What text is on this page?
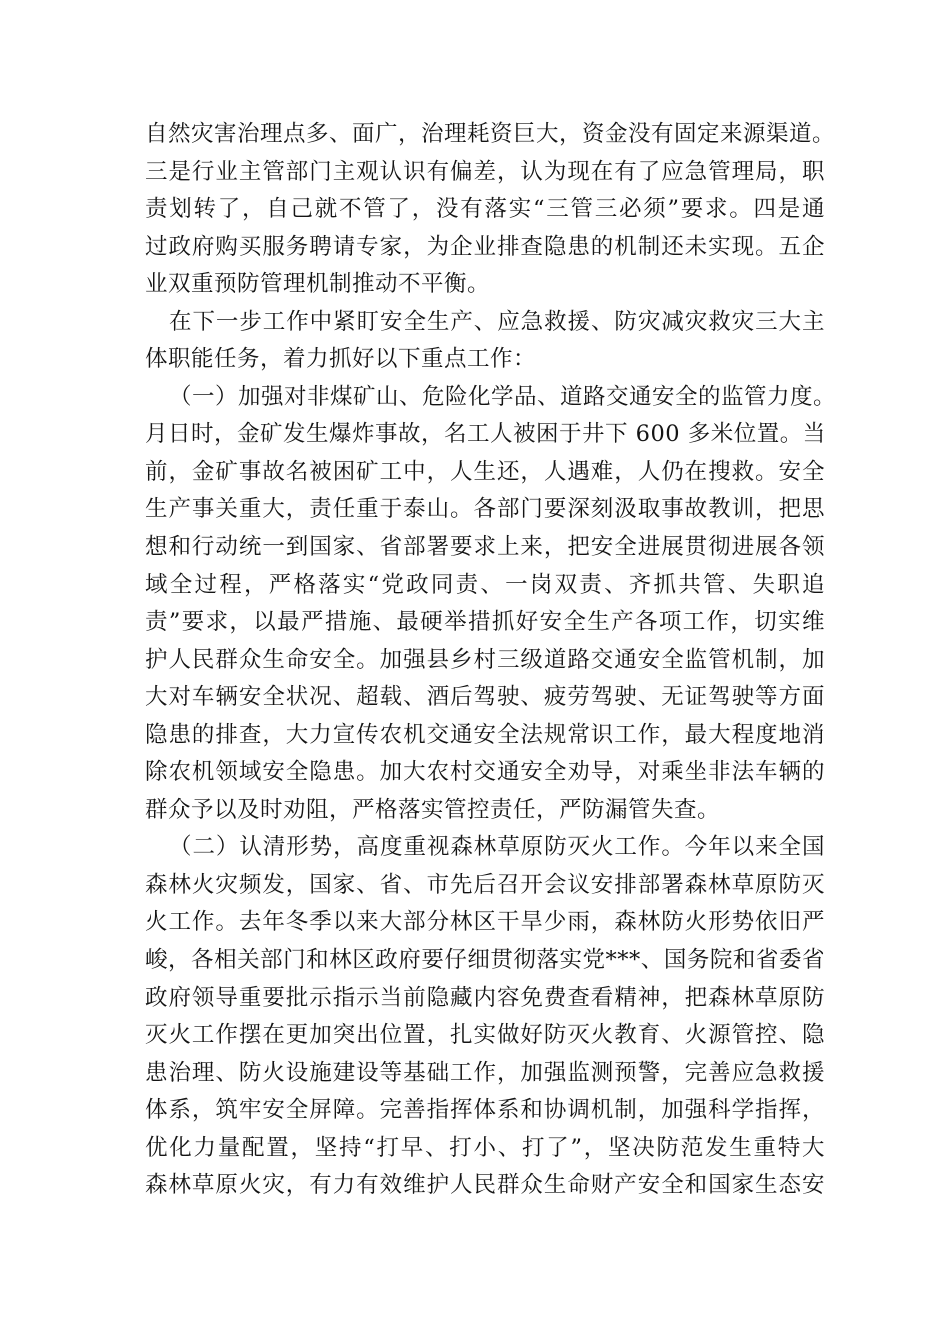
自然灾害治理点多、面广，治理耗资巨大，资金没有固定来源渠道。
三是行业主管部门主观认识有偏差，认为现在有了应急管理局，职
责划转了，自己就不管了，没有落实“三管三必须”要求。四是通
过政府购买服务聘请专家，为企业排查隐患的机制还未实现。五企
业双重预防管理机制推动不平衡。
在下一步工作中紧盯安全生产、应急救援、防灾减灾救灾三大主
体职能任务，着力抓好以下重点工作：
（一）加强对非煤矿山、危险化学品、道路交通安全的监管力度。
月日时，金矿发生爆炸事故，名工人被困于井下 600 多米位置。当
前，金矿事故名被困矿工中，人生还，人遇难，人仍在搜救。安全
生产事关重大，责任重于泰山。各部门要深刻汲取事故教训，把思
想和行动统一到国家、省部署要求上来，把安全进展贯彻进展各领
域全过程，严格落实“党政同责、一岗双责、齐抓共管、失职追
责”要求，以最严措施、最硬举措抓好安全生产各项工作，切实维
护人民群众生命安全。加强县乡村三级道路交通安全监管机制，加
大对车辆安全状况、超载、酒后驾驶、疲劳驾驶、无证驾驶等方面
隐患的排查，大力宣传农机交通安全法规常识工作，最大程度地消
除农机领域安全隐患。加大农村交通安全劝导，对乘坐非法车辆的
群众予以及时劝阻，严格落实管控责任，严防漏管失查。
（二）认清形势，高度重视森林草原防灭火工作。今年以来全国
森林火灾频发，国家、省、市先后召开会议安排部署森林草原防灭
火工作。去年冬季以来大部分林区干旱少雨，森林防火形势依旧严
峻，各相关部门和林区政府要仔细贯彻落实党***、国务院和省委省
政府领导重要批示指示当前隐藏内容免费查看精神，把森林草原防
灭火工作摆在更加突出位置，扎实做好防灭火教育、火源管控、隐
患治理、防火设施建设等基础工作，加强监测预警，完善应急救援
体系，筑牢安全屏障。完善指挥体系和协调机制，加强科学指挥，
优化力量配置，坚持“打早、打小、打了”，坚决防范发生重特大
森林草原火灾，有力有效维护人民群众生命财产安全和国家生态安
